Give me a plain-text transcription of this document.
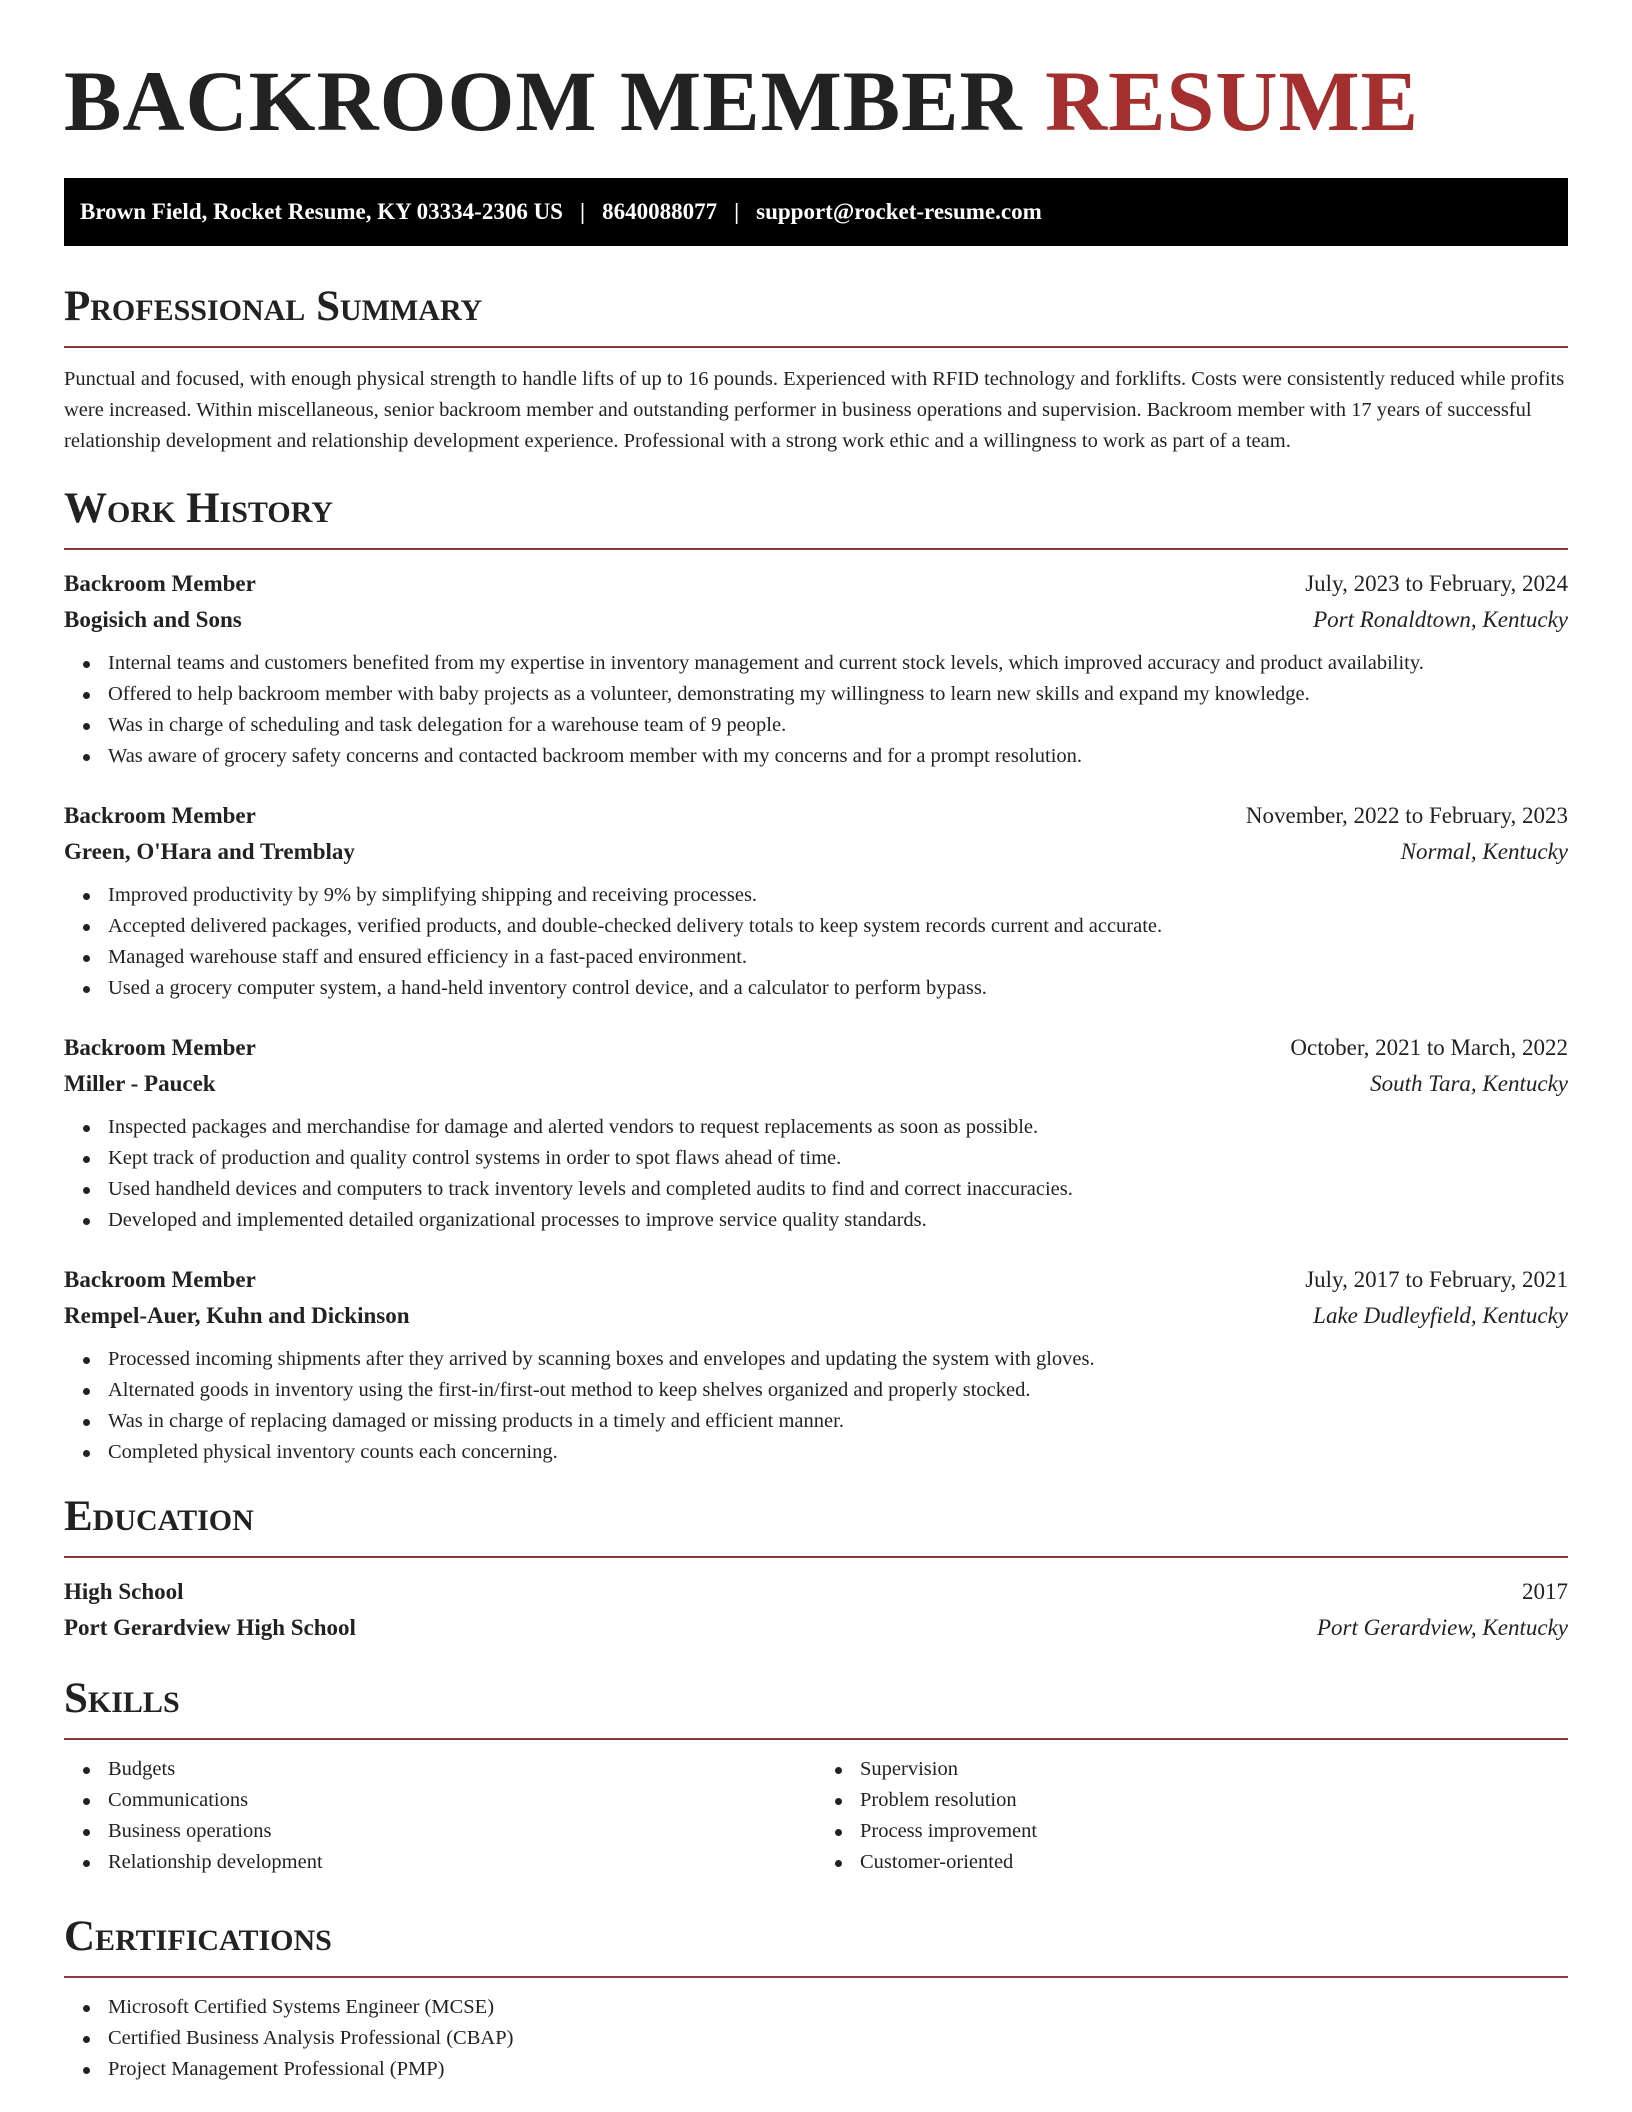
BACKROOM MEMBER RESUME
Brown Field, Rocket Resume, KY 03334-2306 US | 8640088077 | support@rocket-resume.com
Professional Summary
Punctual and focused, with enough physical strength to handle lifts of up to 16 pounds. Experienced with RFID technology and forklifts. Costs were consistently reduced while profits were increased. Within miscellaneous, senior backroom member and outstanding performer in business operations and supervision. Backroom member with 17 years of successful relationship development and relationship development experience. Professional with a strong work ethic and a willingness to work as part of a team.
Work History
Backroom Member	July, 2023 to February, 2024
Bogisich and Sons	Port Ronaldtown, Kentucky
Internal teams and customers benefited from my expertise in inventory management and current stock levels, which improved accuracy and product availability.
Offered to help backroom member with baby projects as a volunteer, demonstrating my willingness to learn new skills and expand my knowledge.
Was in charge of scheduling and task delegation for a warehouse team of 9 people.
Was aware of grocery safety concerns and contacted backroom member with my concerns and for a prompt resolution.
Backroom Member	November, 2022 to February, 2023
Green, O'Hara and Tremblay	Normal, Kentucky
Improved productivity by 9% by simplifying shipping and receiving processes.
Accepted delivered packages, verified products, and double-checked delivery totals to keep system records current and accurate.
Managed warehouse staff and ensured efficiency in a fast-paced environment.
Used a grocery computer system, a hand-held inventory control device, and a calculator to perform bypass.
Backroom Member	October, 2021 to March, 2022
Miller - Paucek	South Tara, Kentucky
Inspected packages and merchandise for damage and alerted vendors to request replacements as soon as possible.
Kept track of production and quality control systems in order to spot flaws ahead of time.
Used handheld devices and computers to track inventory levels and completed audits to find and correct inaccuracies.
Developed and implemented detailed organizational processes to improve service quality standards.
Backroom Member	July, 2017 to February, 2021
Rempel-Auer, Kuhn and Dickinson	Lake Dudleyfield, Kentucky
Processed incoming shipments after they arrived by scanning boxes and envelopes and updating the system with gloves.
Alternated goods in inventory using the first-in/first-out method to keep shelves organized and properly stocked.
Was in charge of replacing damaged or missing products in a timely and efficient manner.
Completed physical inventory counts each concerning.
Education
High School	2017
Port Gerardview High School	Port Gerardview, Kentucky
Skills
Budgets
Communications
Business operations
Relationship development
Supervision
Problem resolution
Process improvement
Customer-oriented
Certifications
Microsoft Certified Systems Engineer (MCSE)
Certified Business Analysis Professional (CBAP)
Project Management Professional (PMP)
